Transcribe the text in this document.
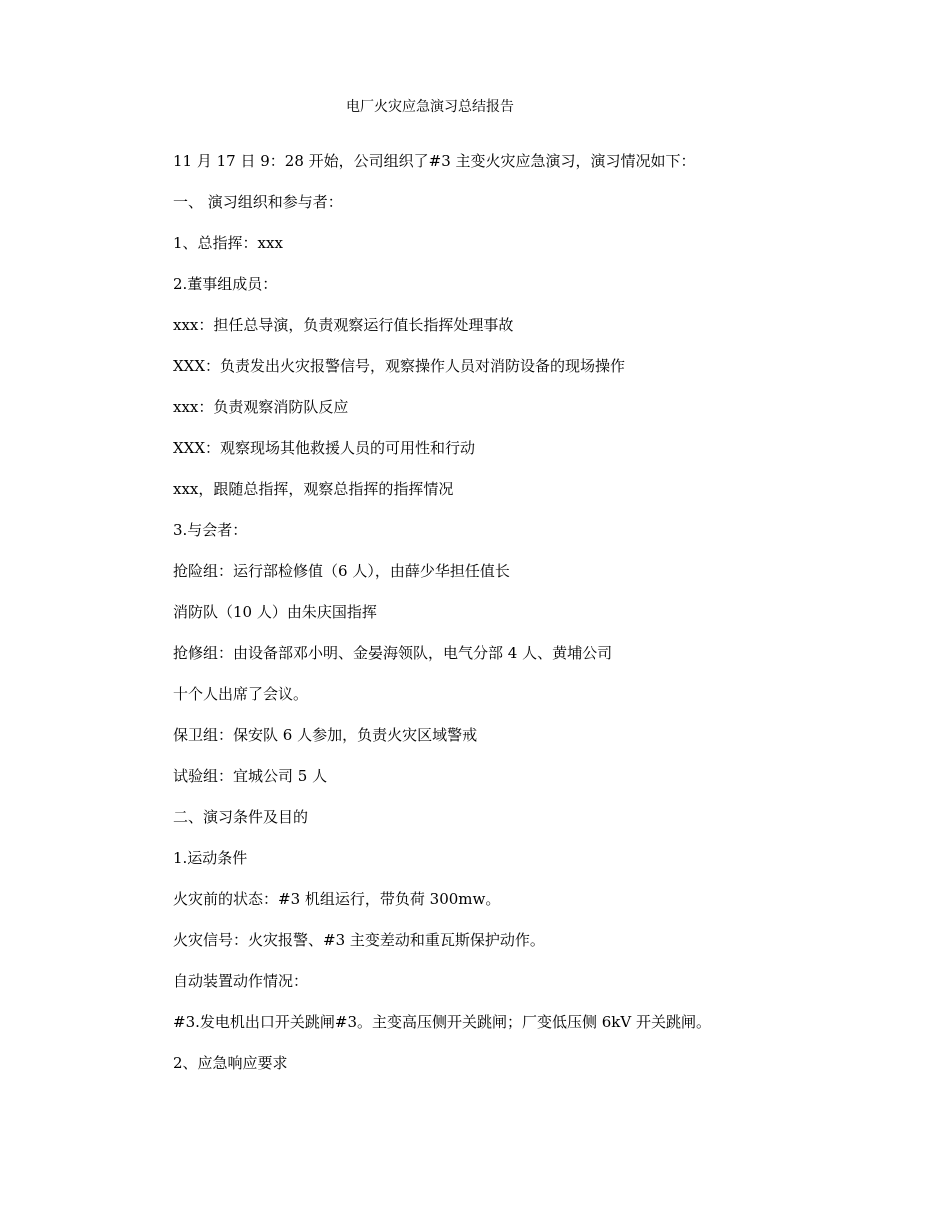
电厂火灾应急演习总结报告
11 月 17 日 9：28 开始，公司组织了#3 主变火灾应急演习，演习情况如下：
一、 演习组织和参与者：
1、总指挥：xxx
2.董事组成员：
xxx：担任总导演，负责观察运行值长指挥处理事故
XXX：负责发出火灾报警信号，观察操作人员对消防设备的现场操作
xxx：负责观察消防队反应
XXX：观察现场其他救援人员的可用性和行动
xxx，跟随总指挥，观察总指挥的指挥情况
3.与会者：
抢险组：运行部检修值（6 人），由薛少华担任值长
消防队（10 人）由朱庆国指挥
抢修组：由设备部邓小明、金晏海领队，电气分部 4 人、黄埔公司
十个人出席了会议。
保卫组：保安队 6 人参加，负责火灾区域警戒
试验组：宜城公司 5 人
二、演习条件及目的
1.运动条件
火灾前的状态：#3 机组运行，带负荷 300mw。
火灾信号：火灾报警、#3 主变差动和重瓦斯保护动作。
自动装置动作情况：
#3.发电机出口开关跳闸#3。主变高压侧开关跳闸；厂变低压侧 6kV 开关跳闸。
2、应急响应要求
